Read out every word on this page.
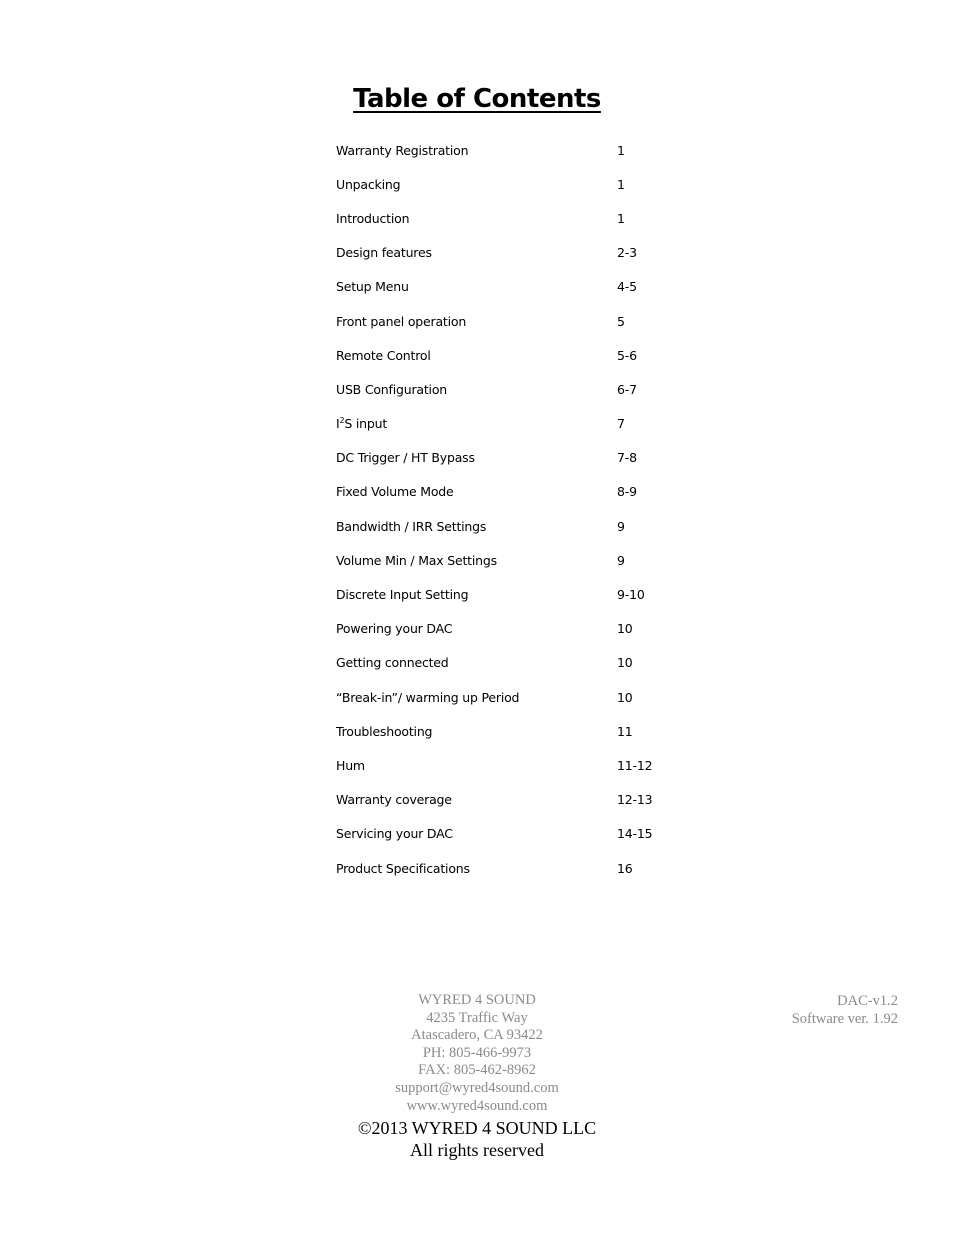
Table of Contents
Warranty Registration	1
Unpacking	1
Introduction	1
Design features	2-3
Setup Menu	4-5
Front panel operation	5
Remote Control	5-6
USB Configuration	6-7
$I^2S$ input	7
DC Trigger / HT Bypass	7-8
Fixed Volume Mode	8-9
Bandwidth / IRR Settings	9
Volume Min / Max Settings	9
Discrete Input Setting	9-10
Powering your DAC	10
Getting connected	10
“Break-in”/ warming up Period	10
Troubleshooting	11
Hum	11-12
Warranty coverage	12-13
Servicing your DAC	14-15
Product Specifications	16
WYRED 4 SOUND
4235 Traffic Way
Atascadero, CA 93422
PH: 805-466-9973
FAX: 805-462-8962
support@wyred4sound.com
www.wyred4sound.com
DAC-v1.2
Software ver. 1.92
©2013 WYRED 4 SOUND LLC
All rights reserved
